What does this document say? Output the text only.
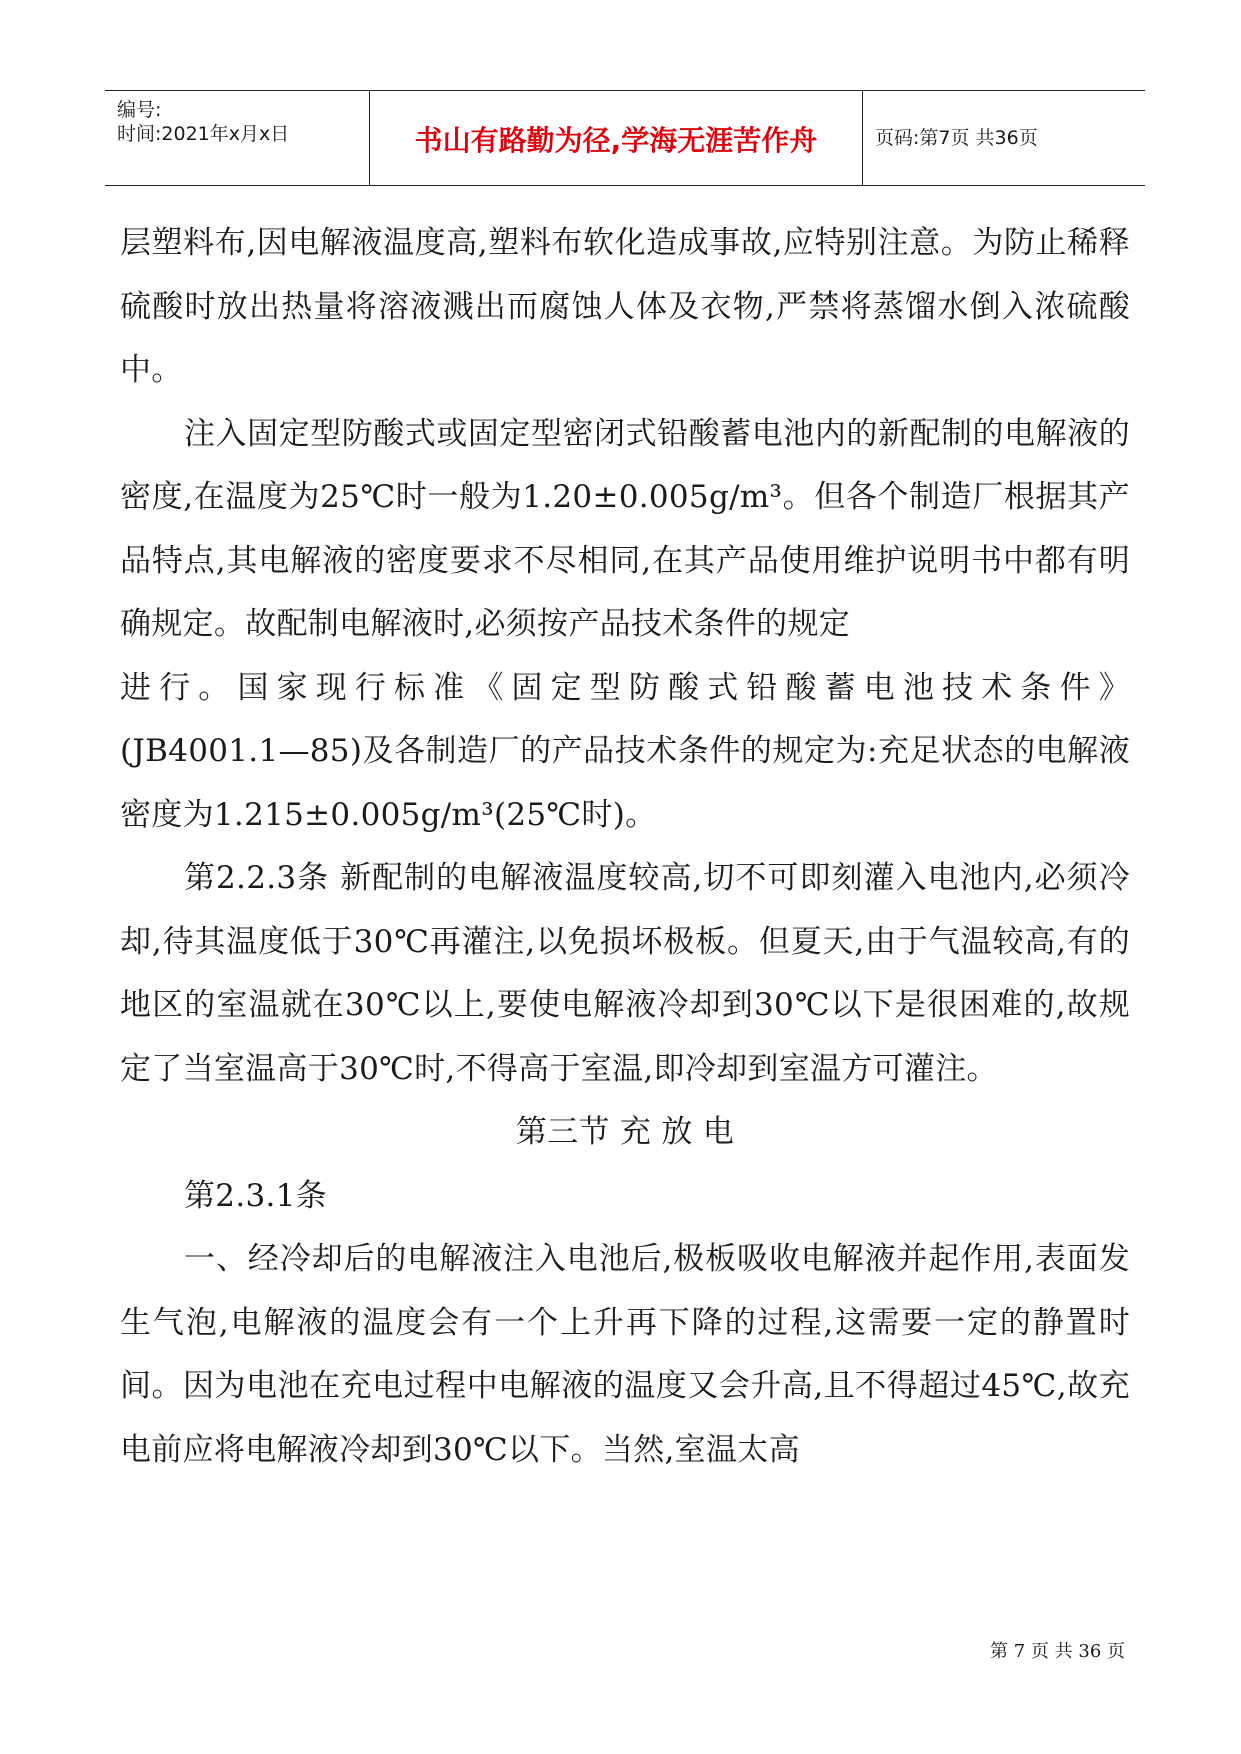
编号:
时间:2021年x月x日	书山有路勤为径,学海无涯苦作舟	页码:第7页 共36页

层塑料布,因电解液温度高,塑料布软化造成事故,应特别注意。为防止稀释硫酸时放出热量将溶液溅出而腐蚀人体及衣物,严禁将蒸馏水倒入浓硫酸中。

注入固定型防酸式或固定型密闭式铅酸蓄电池内的新配制的电解液的密度,在温度为25℃时一般为1.20±0.005g/m³。但各个制造厂根据其产品特点,其电解液的密度要求不尽相同,在其产品使用维护说明书中都有明确规定。故配制电解液时,必须按产品技术条件的规定

进行。国家现行标准《固定型防酸式铅酸蓄电池技术条件》

(JB4001.1—85)及各制造厂的产品技术条件的规定为:充足状态的电解液密度为1.215±0.005g/m³(25℃时)。

第2.2.3条 新配制的电解液温度较高,切不可即刻灌入电池内,必须冷却,待其温度低于30℃再灌注,以免损坏极板。但夏天,由于气温较高,有的地区的室温就在30℃以上,要使电解液冷却到30℃以下是很困难的,故规定了当室温高于30℃时,不得高于室温,即冷却到室温方可灌注。

第三节 充 放 电

第2.3.1条

一、经冷却后的电解液注入电池后,极板吸收电解液并起作用,表面发生气泡,电解液的温度会有一个上升再下降的过程,这需要一定的静置时间。因为电池在充电过程中电解液的温度又会升高,且不得超过45℃,故充电前应将电解液冷却到30℃以下。当然,室温太高

第 7 页 共 36 页
